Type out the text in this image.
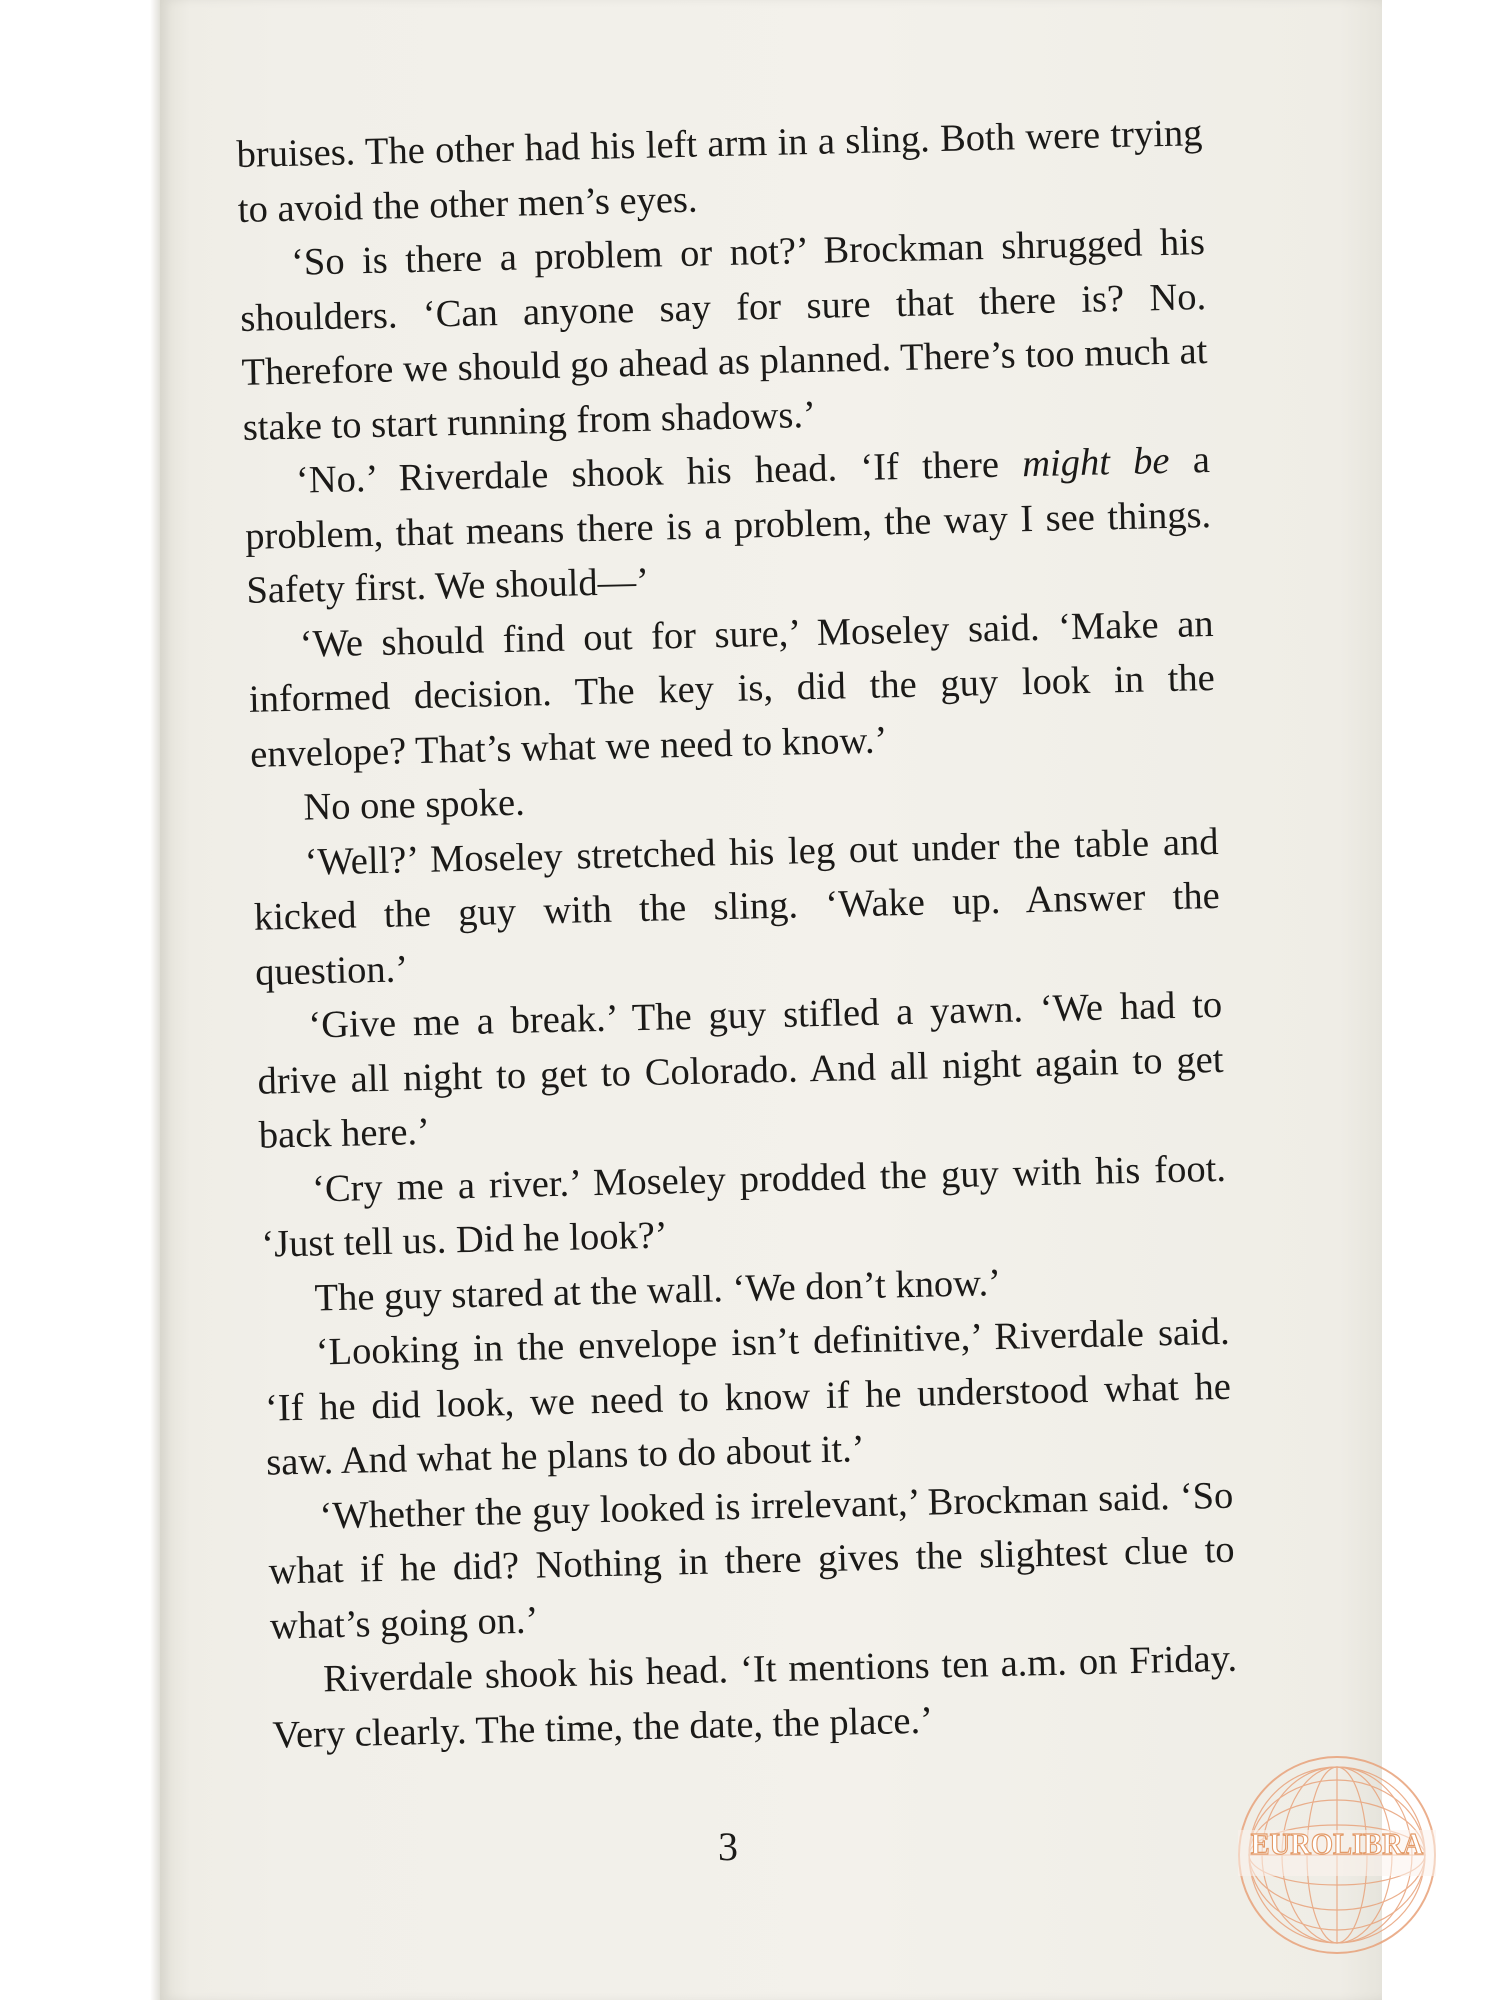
bruises. The other had his left arm in a sling. Both were trying to avoid the other men’s eyes.

‘So is there a problem or not?’ Brockman shrugged his shoulders. ‘Can anyone say for sure that there is? No. Therefore we should go ahead as planned. There’s too much at stake to start running from shadows.’

‘No.’ Riverdale shook his head. ‘If there might be a problem, that means there is a problem, the way I see things. Safety first. We should—’

‘We should find out for sure,’ Moseley said. ‘Make an informed decision. The key is, did the guy look in the envelope? That’s what we need to know.’

No one spoke.

‘Well?’ Moseley stretched his leg out under the table and kicked the guy with the sling. ‘Wake up. Answer the question.’

‘Give me a break.’ The guy stifled a yawn. ‘We had to drive all night to get to Colorado. And all night again to get back here.’

‘Cry me a river.’ Moseley prodded the guy with his foot. ‘Just tell us. Did he look?’

The guy stared at the wall. ‘We don’t know.’

‘Looking in the envelope isn’t definitive,’ Riverdale said. ‘If he did look, we need to know if he understood what he saw. And what he plans to do about it.’

‘Whether the guy looked is irrelevant,’ Brockman said. ‘So what if he did? Nothing in there gives the slightest clue to what’s going on.’

Riverdale shook his head. ‘It mentions ten a.m. on Friday. Very clearly. The time, the date, the place.’

3	EUROLIBRA
